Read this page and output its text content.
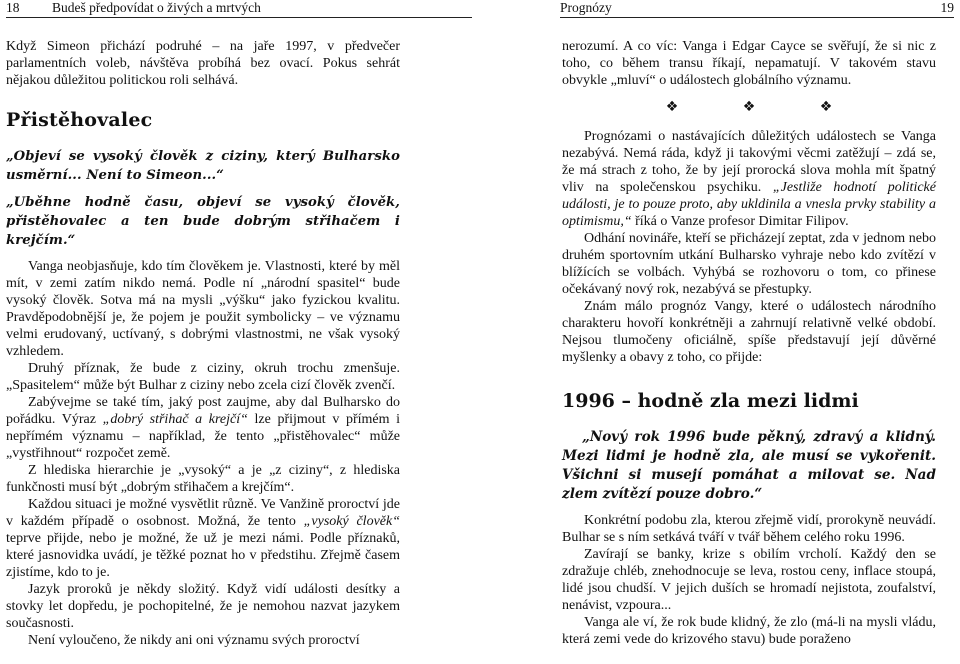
18 Budeš předpovídat o živých a mrtvých

Když Simeon přichází podruhé – na jaře 1997, v předvečer parlamentních voleb, návštěva probíhá bez ovací. Pokus sehrát nějakou důležitou politickou roli selhává.

Přistěhovalec

„Objeví se vysoký člověk z ciziny, který Bulharsko usměrní... Není to Simeon...“

„Uběhne hodně času, objeví se vysoký člověk, přistěhovalec a ten bude dobrým střihačem i krejčím.“

Vanga neobjasňuje, kdo tím člověkem je. Vlastnosti, které by měl mít, v zemi zatím nikdo nemá. Podle ní „národní spasitel“ bude vysoký člověk. Sotva má na mysli „výšku“ jako fyzickou kvalitu. Pravděpodobnější je, že pojem je použit symbolicky – ve významu velmi erudovaný, uctívaný, s dobrými vlastnostmi, ne však vysoký vzhledem.

Druhý příznak, že bude z ciziny, okruh trochu zmenšuje. „Spasitelem“ může být Bulhar z ciziny nebo zcela cizí člověk zvenčí.

Zabývejme se také tím, jaký post zaujme, aby dal Bulharsko do pořádku. Výraz „dobrý střihač a krejčí“ lze přijmout v přímém i nepřímém významu – například, že tento „přistěhovalec“ může „vystřihnout“ rozpočet země.

Z hlediska hierarchie je „vysoký“ a je „z ciziny“, z hlediska funkčnosti musí být „dobrým střihačem a krejčím“.

Každou situaci je možné vysvětlit různě. Ve Vanžině proroctví jde v každém případě o osobnost. Možná, že tento „vysoký člověk“ teprve přijde, nebo je možné, že už je mezi námi. Podle příznaků, které jasnovidka uvádí, je těžké poznat ho v předstihu. Zřejmě časem zjistíme, kdo to je.

Jazyk proroků je někdy složitý. Když vidí události desítky a stovky let dopředu, je pochopitelné, že je nemohou nazvat jazykem současnosti.

Není vyloučeno, že nikdy ani oni významu svých proroctví

Prognózy	19

nerozumí. A co víc: Vanga i Edgar Cayce se svěřují, že si nic z toho, co během transu říkají, nepamatují. V takovém stavu obvykle „mluví“ o událostech globálního významu.

❖ ❖ ❖

Prognózami o nastávajících důležitých událostech se Vanga nezabývá. Nemá ráda, když ji takovými věcmi zatěžují – zdá se, že má strach z toho, že by její prorocká slova mohla mít špatný vliv na společenskou psychiku. „Jestliže hodnotí politické události, je to pouze proto, aby ukldinila a vnesla prvky stability a optimismu,“ říká o Vanze profesor Dimitar Filipov.

Odhání novináře, kteří se přicházejí zeptat, zda v jednom nebo druhém sportovním utkání Bulharsko vyhraje nebo kdo zvítězí v blížících se volbách. Vyhýbá se rozhovoru o tom, co přinese očekávaný nový rok, nezabývá se přestupky.

Znám málo prognóz Vangy, které o událostech národního charakteru hovoří konkrétněji a zahrnují relativně velké období. Nejsou tlumočeny oficiálně, spíše představují její důvěrné myšlenky a obavy z toho, co přijde:

1996 – hodně zla mezi lidmi

„Nový rok 1996 bude pěkný, zdravý a klidný. Mezi lidmi je hodně zla, ale musí se vykořenit. Všichni si musejí pomáhat a milovat se. Nad zlem zvítězí pouze dobro.“

Konkrétní podobu zla, kterou zřejmě vidí, prorokyně neuvádí. Bulhar se s ním setkává tváří v tvář během celého roku 1996.

Zavírají se banky, krize s obilím vrcholí. Každý den se zdražuje chléb, znehodnocuje se leva, rostou ceny, inflace stoupá, lidé jsou chudší. V jejich duších se hromadí nejistota, zoufalství, nenávist, vzpoura...

Vanga ale ví, že rok bude klidný, že zlo (má-li na mysli vládu, která zemi vede do krizového stavu) bude poraženo
